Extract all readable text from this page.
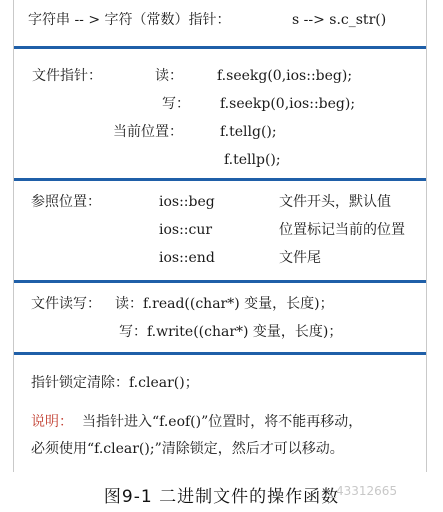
字符串 -- > 字符（常数）指针：	s --> s.c_str()
文件指针：	读： f.seekg(0,ios::beg);
写： f.seekp(0,ios::beg);
当前位置：	f.tellg();
f.tellp();
参照位置：	ios::beg	文件开头，默认值
ios::cur	位置标记当前的位置
ios::end	文件尾
文件读写： 读：f.read((char*) 变量，长度)；
写：f.write((char*) 变量，长度)；
指针锁定清除：f.clear()；
说明： 当指针进入“f.eof()”位置时，将不能再移动，
必须使用“f.clear();”清除锁定，然后才可以移动。
图9-1 二进制文件的操作函数
_43312665
